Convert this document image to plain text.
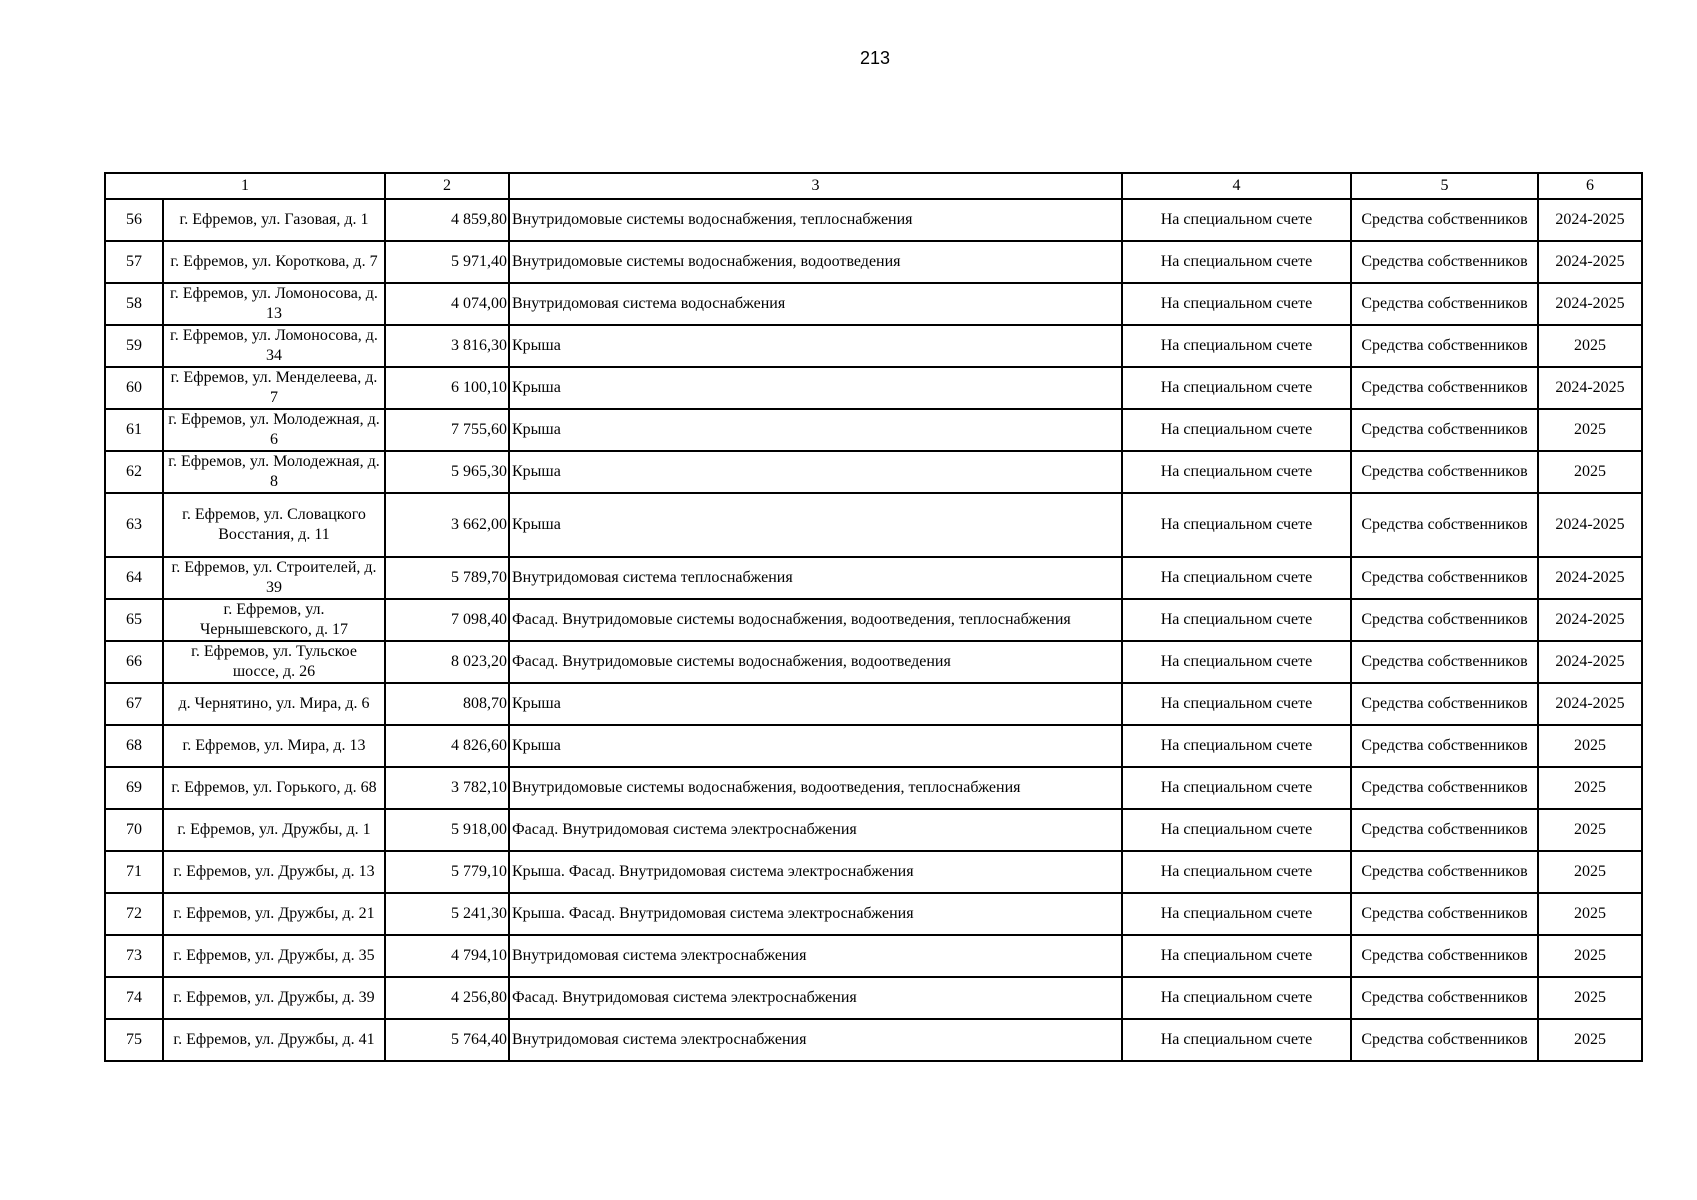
213
1		2	3	4	5	6
56	г. Ефремов, ул. Газовая, д. 1	4 859,80	Внутридомовые системы водоснабжения, теплоснабжения	На специальном счете	Средства собственников	2024-2025
57	г. Ефремов, ул. Короткова, д. 7	5 971,40	Внутридомовые системы водоснабжения, водоотведения	На специальном счете	Средства собственников	2024-2025
58	г. Ефремов, ул. Ломоносова, д. 13	4 074,00	Внутридомовая система водоснабжения	На специальном счете	Средства собственников	2024-2025
59	г. Ефремов, ул. Ломоносова, д. 34	3 816,30	Крыша	На специальном счете	Средства собственников	2025
60	г. Ефремов, ул. Менделеева, д. 7	6 100,10	Крыша	На специальном счете	Средства собственников	2024-2025
61	г. Ефремов, ул. Молодежная, д. 6	7 755,60	Крыша	На специальном счете	Средства собственников	2025
62	г. Ефремов, ул. Молодежная, д. 8	5 965,30	Крыша	На специальном счете	Средства собственников	2025
63	г. Ефремов, ул. Словацкого Восстания, д. 11	3 662,00	Крыша	На специальном счете	Средства собственников	2024-2025
64	г. Ефремов, ул. Строителей, д. 39	5 789,70	Внутридомовая система теплоснабжения	На специальном счете	Средства собственников	2024-2025
65	г. Ефремов, ул. Чернышевского, д. 17	7 098,40	Фасад. Внутридомовые системы водоснабжения, водоотведения, теплоснабжения	На специальном счете	Средства собственников	2024-2025
66	г. Ефремов, ул. Тульское шоссе, д. 26	8 023,20	Фасад. Внутридомовые системы водоснабжения, водоотведения	На специальном счете	Средства собственников	2024-2025
67	д. Чернятино, ул. Мира, д. 6	808,70	Крыша	На специальном счете	Средства собственников	2024-2025
68	г. Ефремов, ул. Мира, д. 13	4 826,60	Крыша	На специальном счете	Средства собственников	2025
69	г. Ефремов, ул. Горького, д. 68	3 782,10	Внутридомовые системы водоснабжения, водоотведения, теплоснабжения	На специальном счете	Средства собственников	2025
70	г. Ефремов, ул. Дружбы, д. 1	5 918,00	Фасад. Внутридомовая система электроснабжения	На специальном счете	Средства собственников	2025
71	г. Ефремов, ул. Дружбы, д. 13	5 779,10	Крыша. Фасад. Внутридомовая система электроснабжения	На специальном счете	Средства собственников	2025
72	г. Ефремов, ул. Дружбы, д. 21	5 241,30	Крыша. Фасад. Внутридомовая система электроснабжения	На специальном счете	Средства собственников	2025
73	г. Ефремов, ул. Дружбы, д. 35	4 794,10	Внутридомовая система электроснабжения	На специальном счете	Средства собственников	2025
74	г. Ефремов, ул. Дружбы, д. 39	4 256,80	Фасад. Внутридомовая система электроснабжения	На специальном счете	Средства собственников	2025
75	г. Ефремов, ул. Дружбы, д. 41	5 764,40	Внутридомовая система электроснабжения	На специальном счете	Средства собственников	2025
